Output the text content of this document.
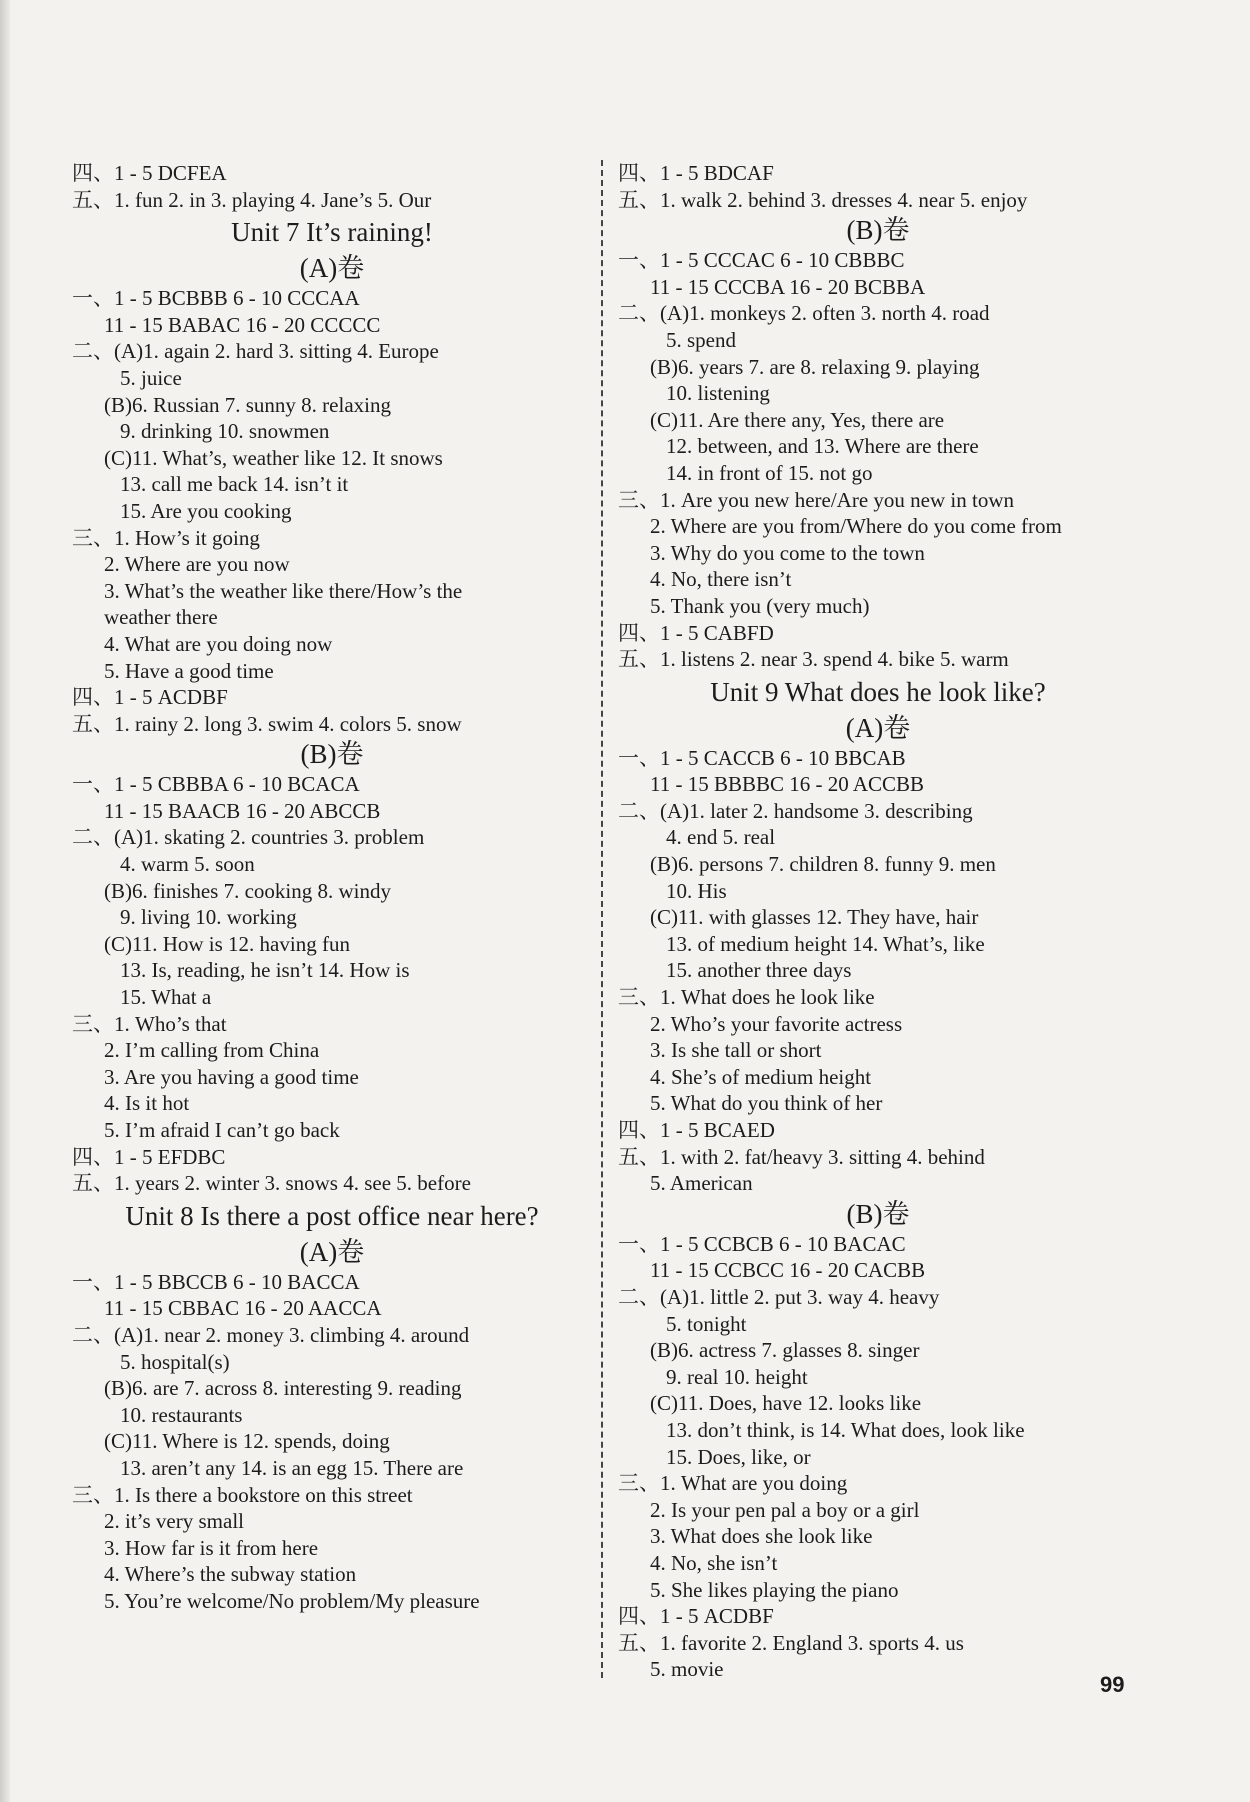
四、1 - 5 DCFEA
五、1. fun 2. in 3. playing 4. Jane’s 5. Our
Unit 7 It’s raining!
(A)卷
一、1 - 5 BCBBB 6 - 10 CCCAA
11 - 15 BABAC 16 - 20 CCCCC
二、(A)1. again 2. hard 3. sitting 4. Europe
5. juice
(B)6. Russian 7. sunny 8. relaxing
9. drinking 10. snowmen
(C)11. What’s, weather like 12. It snows
13. call me back 14. isn’t it
15. Are you cooking
三、1. How’s it going
2. Where are you now
3. What’s the weather like there/How’s the
weather there
4. What are you doing now
5. Have a good time
四、1 - 5 ACDBF
五、1. rainy 2. long 3. swim 4. colors 5. snow
(B)卷
一、1 - 5 CBBBA 6 - 10 BCACA
11 - 15 BAACB 16 - 20 ABCCB
二、(A)1. skating 2. countries 3. problem
4. warm 5. soon
(B)6. finishes 7. cooking 8. windy
9. living 10. working
(C)11. How is 12. having fun
13. Is, reading, he isn’t 14. How is
15. What a
三、1. Who’s that
2. I’m calling from China
3. Are you having a good time
4. Is it hot
5. I’m afraid I can’t go back
四、1 - 5 EFDBC
五、1. years 2. winter 3. snows 4. see 5. before
Unit 8 Is there a post office near here?
(A)卷
一、1 - 5 BBCCB 6 - 10 BACCA
11 - 15 CBBAC 16 - 20 AACCA
二、(A)1. near 2. money 3. climbing 4. around
5. hospital(s)
(B)6. are 7. across 8. interesting 9. reading
10. restaurants
(C)11. Where is 12. spends, doing
13. aren’t any 14. is an egg 15. There are
三、1. Is there a bookstore on this street
2. it’s very small
3. How far is it from here
4. Where’s the subway station
5. You’re welcome/No problem/My pleasure
四、1 - 5 BDCAF
五、1. walk 2. behind 3. dresses 4. near 5. enjoy
(B)卷
一、1 - 5 CCCAC 6 - 10 CBBBC
11 - 15 CCCBA 16 - 20 BCBBA
二、(A)1. monkeys 2. often 3. north 4. road
5. spend
(B)6. years 7. are 8. relaxing 9. playing
10. listening
(C)11. Are there any, Yes, there are
12. between, and 13. Where are there
14. in front of 15. not go
三、1. Are you new here/Are you new in town
2. Where are you from/Where do you come from
3. Why do you come to the town
4. No, there isn’t
5. Thank you (very much)
四、1 - 5 CABFD
五、1. listens 2. near 3. spend 4. bike 5. warm
Unit 9 What does he look like?
(A)卷
一、1 - 5 CACCB 6 - 10 BBCAB
11 - 15 BBBBC 16 - 20 ACCBB
二、(A)1. later 2. handsome 3. describing
4. end 5. real
(B)6. persons 7. children 8. funny 9. men
10. His
(C)11. with glasses 12. They have, hair
13. of medium height 14. What’s, like
15. another three days
三、1. What does he look like
2. Who’s your favorite actress
3. Is she tall or short
4. She’s of medium height
5. What do you think of her
四、1 - 5 BCAED
五、1. with 2. fat/heavy 3. sitting 4. behind
5. American
(B)卷
一、1 - 5 CCBCB 6 - 10 BACAC
11 - 15 CCBCC 16 - 20 CACBB
二、(A)1. little 2. put 3. way 4. heavy
5. tonight
(B)6. actress 7. glasses 8. singer
9. real 10. height
(C)11. Does, have 12. looks like
13. don’t think, is 14. What does, look like
15. Does, like, or
三、1. What are you doing
2. Is your pen pal a boy or a girl
3. What does she look like
4. No, she isn’t
5. She likes playing the piano
四、1 - 5 ACDBF
五、1. favorite 2. England 3. sports 4. us
5. movie
99
